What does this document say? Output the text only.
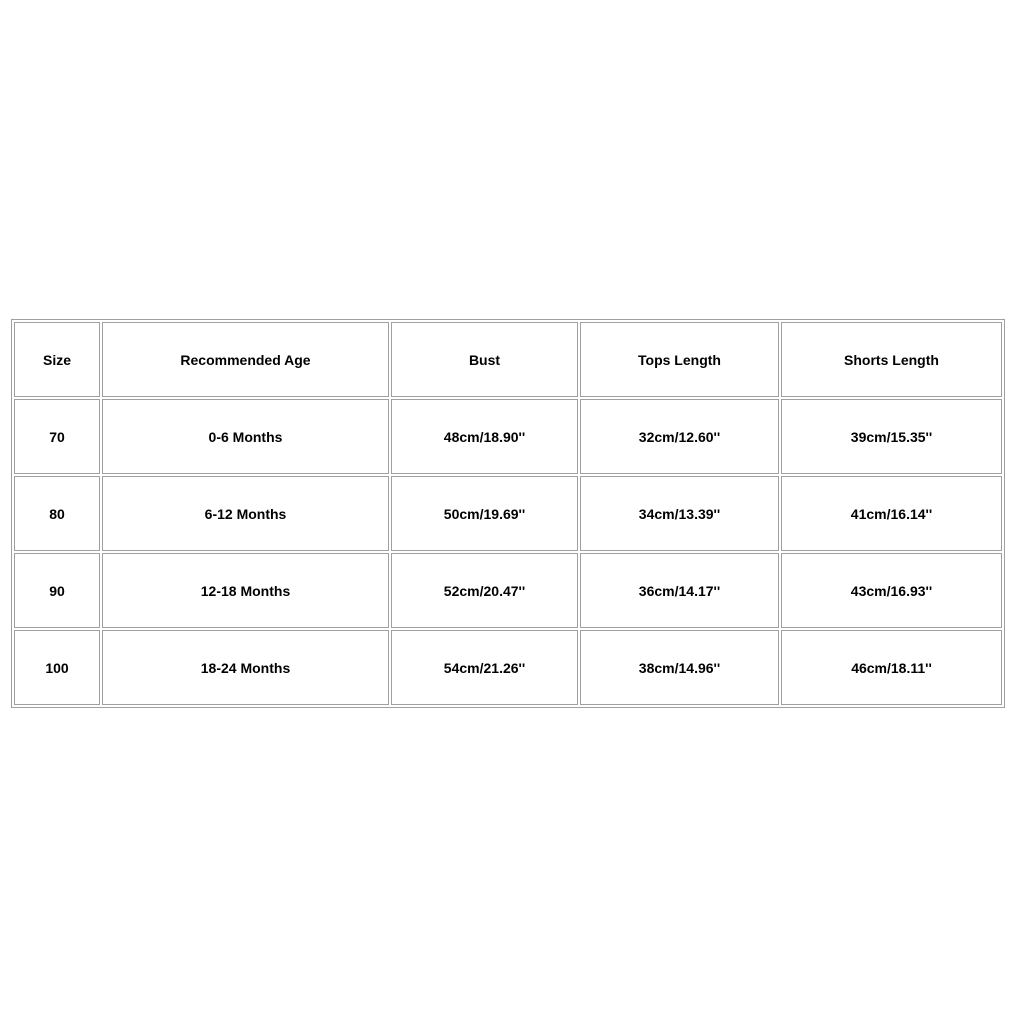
Size	Recommended Age	Bust	Tops Length	Shorts Length
70	0-6 Months	48cm/18.90''	32cm/12.60''	39cm/15.35''
80	6-12 Months	50cm/19.69''	34cm/13.39''	41cm/16.14''
90	12-18 Months	52cm/20.47''	36cm/14.17''	43cm/16.93''
100	18-24 Months	54cm/21.26''	38cm/14.96''	46cm/18.11''
